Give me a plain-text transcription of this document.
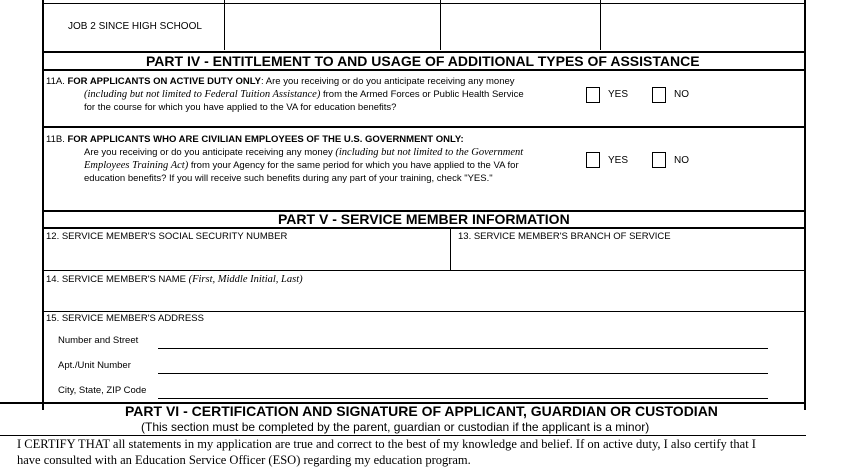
JOB 2 SINCE HIGH SCHOOL
PART IV - ENTITLEMENT TO AND USAGE OF ADDITIONAL TYPES OF ASSISTANCE
11A. FOR APPLICANTS ON ACTIVE DUTY ONLY: Are you receiving or do you anticipate receiving any money
(including but not limited to Federal Tuition Assistance) from the Armed Forces or Public Health Service
for the course for which you have applied to the VA for education benefits?
YES	NO
11B. FOR APPLICANTS WHO ARE CIVILIAN EMPLOYEES OF THE U.S. GOVERNMENT ONLY:
Are you receiving or do you anticipate receiving any money (including but not limited to the Government
Employees Training Act) from your Agency for the same period for which you have applied to the VA for
education benefits? If you will receive such benefits during any part of your training, check "YES."
YES	NO
PART V - SERVICE MEMBER INFORMATION
12. SERVICE MEMBER'S SOCIAL SECURITY NUMBER	13. SERVICE MEMBER'S BRANCH OF SERVICE
14. SERVICE MEMBER'S NAME (First, Middle Initial, Last)
15. SERVICE MEMBER'S ADDRESS
Number and Street
Apt./Unit Number
City, State, ZIP Code
PART VI - CERTIFICATION AND SIGNATURE OF APPLICANT, GUARDIAN OR CUSTODIAN
(This section must be completed by the parent, guardian or custodian if the applicant is a minor)
I CERTIFY THAT all statements in my application are true and correct to the best of my knowledge and belief. If on active duty, I also certify that I
have consulted with an Education Service Officer (ESO) regarding my education program.
